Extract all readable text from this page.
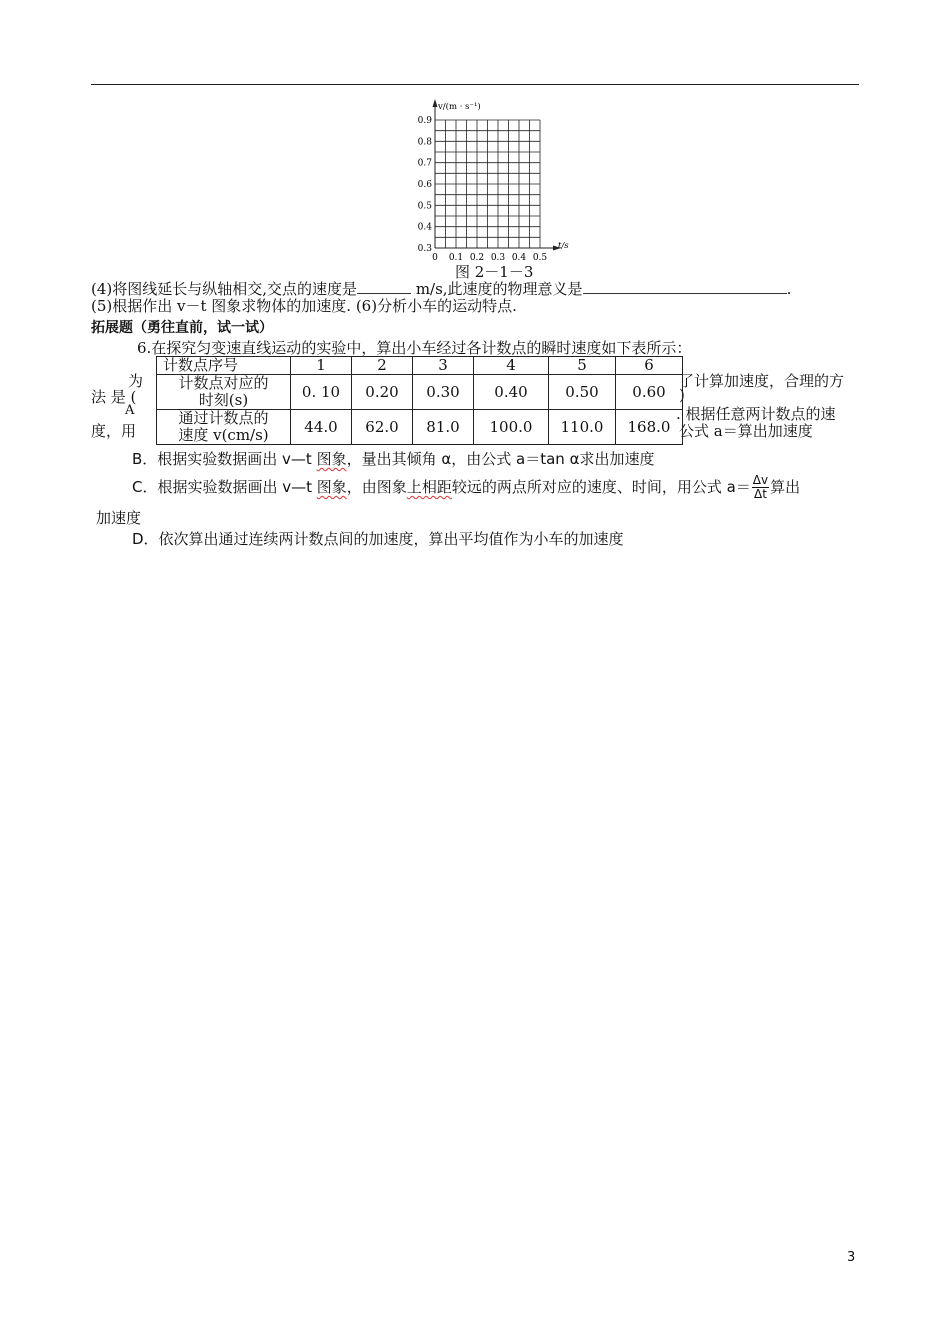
v/(m · s⁻¹)
t/s
0.3
0.4
0.5
0.6
0.7
0.8
0.9
0 0.1 0.2 0.3 0.4 0.5
图 2－1－3
(4)将图线延长与纵轴相交,交点的速度是	m/s,此速度的物理意义是	.
(5)根据作出 v－t 图象求物体的加速度. (6)分析小车的运动特点.
拓展题（勇往直前，试一试）
6.在探究匀变速直线运动的实验中，算出小车经过各计数点的瞬时速度如下表所示：
为
法 是 (
A
度，用
了计算加速度，合理的方
)
. 根据任意两计数点的速
公式 a＝算出加速度
计数点序号	1	2	3	4	5	6
计数点对应的
时刻(s)	0. 10	0.20	0.30	0.40	0.50	0.60
通过计数点的
速度 v(cm/s)	44.0	62.0	81.0	100.0	110.0	168.0
B．根据实验数据画出 v—t 图象，量出其倾角 α，由公式 a＝tan α求出加速度
C．根据实验数据画出 v—t 图象，由图象上相距较远的两点所对应的速度、时间，用公式 $a= \frac{\Delta v}{\Delta t}$ 算出
加速度
D．依次算出通过连续两计数点间的加速度，算出平均值作为小车的加速度
3
